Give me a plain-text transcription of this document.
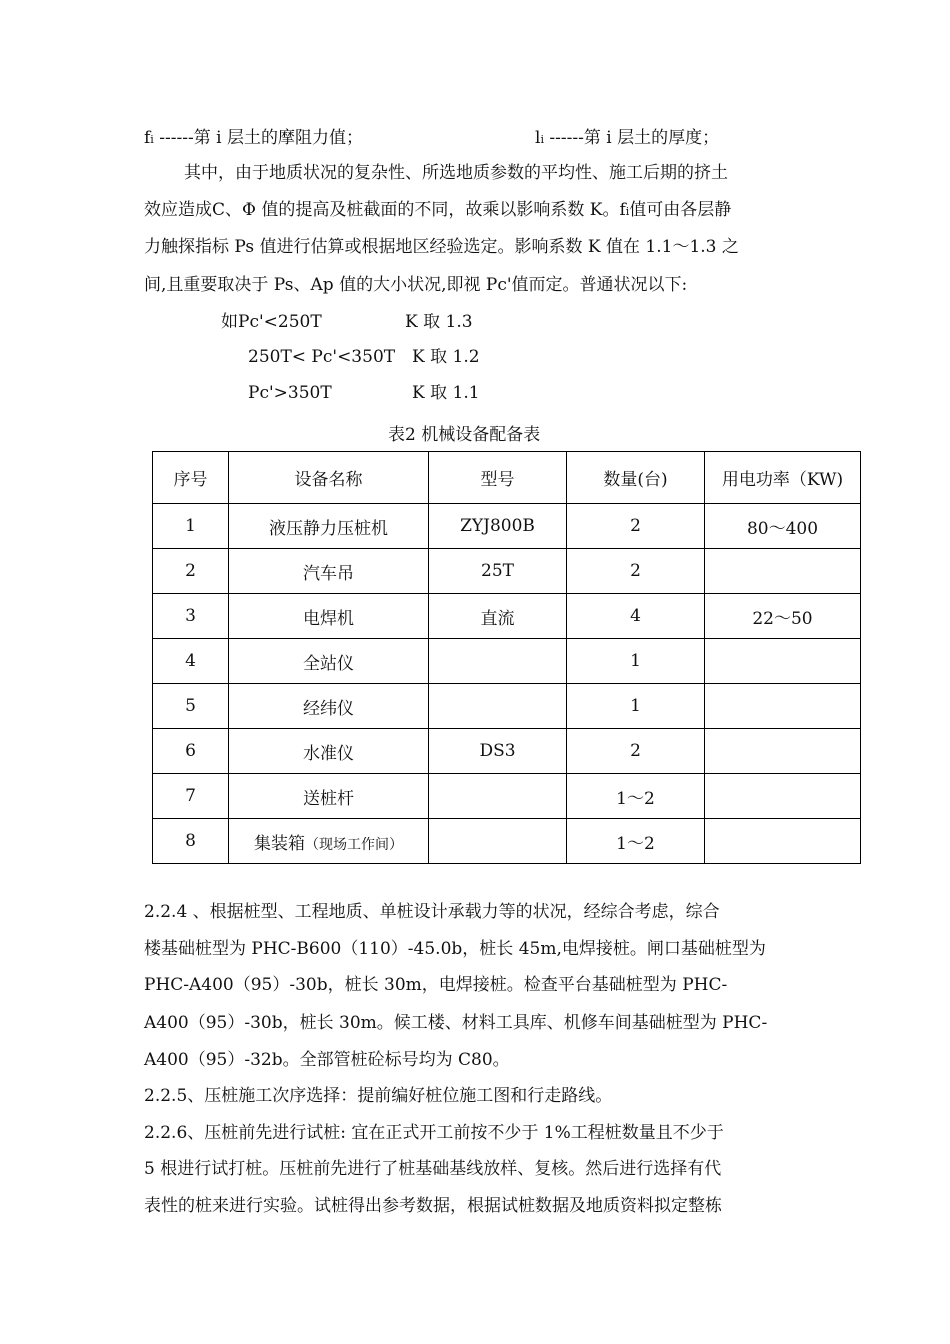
fi ------第 i 层土的摩阻力值；	li ------第 i 层土的厚度；
其中，由于地质状况的复杂性、所选地质参数的平均性、施工后期的挤土
效应造成C、Φ 值的提高及桩截面的不同，故乘以影响系数 K。fi值可由各层静
力触探指标 Ps 值进行估算或根据地区经验选定。影响系数 K 值在 1.1～1.3 之
间,且重要取决于 Ps、Ap 值的大小状况,即视 Pc'值而定。普通状况以下:
如Pc'<250T	K 取 1.3
250T< Pc'<350T K 取 1.2
Pc'>350T	K 取 1.1
表2 机械设备配备表
序号	设备名称	型号	数量(台)	用电功率（KW)
1	液压静力压桩机	ZYJ800B	2	80～400
2	汽车吊	25T	2	
3	电焊机	直流	4	22～50
4	全站仪		1	
5	经纬仪		1	
6	水准仪	DS3	2	
7	送桩杆		1～2	
8	集装箱（现场工作间）		1～2	
2.2.4 、根据桩型、工程地质、单桩设计承载力等的状况，经综合考虑，综合
楼基础桩型为 PHC-B600（110）-45.0b，桩长 45m,电焊接桩。闸口基础桩型为
PHC-A400（95）-30b，桩长 30m，电焊接桩。检查平台基础桩型为 PHC-
A400（95）-30b，桩长 30m。候工楼、材料工具库、机修车间基础桩型为 PHC-
A400（95）-32b。全部管桩砼标号均为 C80。
2.2.5、压桩施工次序选择：提前编好桩位施工图和行走路线。
2.2.6、压桩前先进行试桩: 宜在正式开工前按不少于 1%工程桩数量且不少于
5 根进行试打桩。压桩前先进行了桩基础基线放样、复核。然后进行选择有代
表性的桩来进行实验。试桩得出参考数据，根据试桩数据及地质资料拟定整栋
